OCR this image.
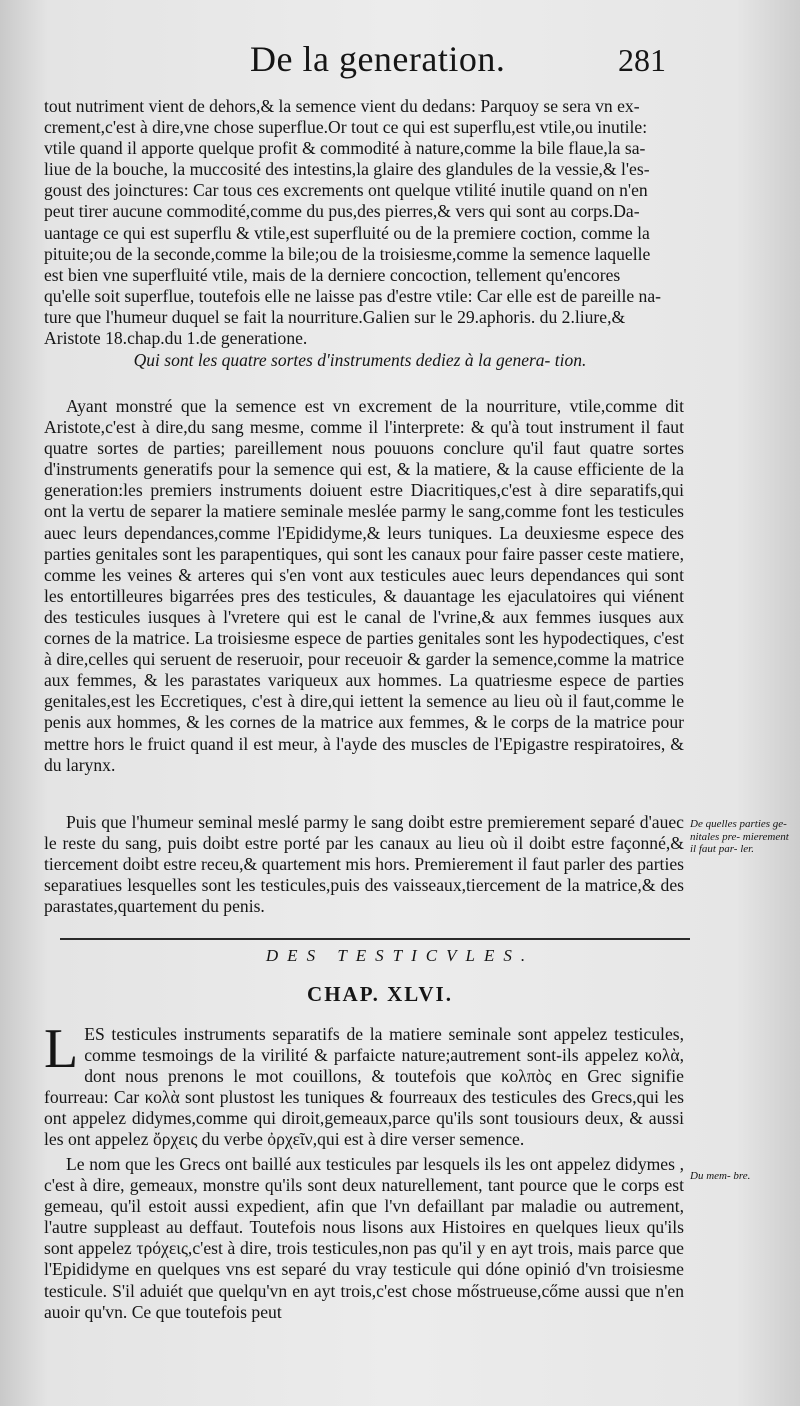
De la generation.	281

tout nutriment vient de dehors,& la semence vient du dedans: Parquoy se sera vn ex-

crement,c'est à dire,vne chose superflue.Or tout ce qui est superflu,est vtile,ou inutile:

vtile quand il apporte quelque profit & commodité à nature,comme la bile flaue,la sa-

liue de la bouche, la muccosité des intestins,la glaire des glandules de la vessie,& l'es-

goust des joinctures: Car tous ces excrements ont quelque vtilité inutile quand on n'en

peut tirer aucune commodité,comme du pus,des pierres,& vers qui sont au corps.Da-

uantage ce qui est superflu & vtile,est superfluité ou de la premiere coction, comme la

pituite;ou de la seconde,comme la bile;ou de la troisiesme,comme la semence laquelle

est bien vne superfluité vtile, mais de la derniere concoction, tellement qu'encores

qu'elle soit superflue, toutefois elle ne laisse pas d'estre vtile: Car elle est de pareille na-

ture que l'humeur duquel se fait la nourriture.Galien sur le 29.aphoris. du 2.liure,&

Aristote 18.chap.du 1.de generatione.

Qui sont les quatre sortes d'instruments dediez à la genera- tion.
Ayant monstré que la semence est vn excrement de la nourriture, vtile,comme dit Aristote,c'est à dire,du sang mesme, comme il l'interprete: & qu'à tout instrument il faut quatre sortes de parties; pareillement nous pouuons conclure qu'il faut quatre sortes d'instruments generatifs pour la semence qui est, & la matiere, & la cause efficiente de la generation:les premiers instruments doiuent estre Diacritiques,c'est à dire separatifs,qui ont la vertu de separer la matiere seminale meslée parmy le sang,comme font les testicules auec leurs dependances,comme l'Epididyme,& leurs tuniques. La deuxiesme espece des parties genitales sont les parapentiques, qui sont les canaux pour faire passer ceste matiere, comme les veines & arteres qui s'en vont aux testicules auec leurs dependances qui sont les entortilleures bigarrées pres des testicules, & dauantage les ejaculatoires qui viénent des testicules iusques à l'vretere qui est le canal de l'vrine,& aux femmes iusques aux cornes de la matrice. La troisiesme espece de parties genitales sont les hypodectiques, c'est à dire,celles qui seruent de reseruoir, pour receuoir & garder la semence,comme la matrice aux femmes, & les parastates variqueux aux hommes. La quatriesme espece de parties genitales,est les Eccretiques, c'est à dire,qui iettent la semence au lieu où il faut,comme le penis aux hommes, & les cornes de la matrice aux femmes, & le corps de la matrice pour mettre hors le fruict quand il est meur, à l'ayde des muscles de l'Epigastre respiratoires, & du larynx.
Puis que l'humeur seminal meslé parmy le sang doibt estre premierement separé d'auec le reste du sang, puis doibt estre porté par les canaux au lieu où il doibt estre façonné,& tiercement doibt estre receu,& quartement mis hors. Premierement il faut parler des parties separatiues lesquelles sont les testicules,puis des vaisseaux,tiercement de la matrice,& des parastates,quartement du penis.
De quelles parties ge- nitales pre- mierement il faut par- ler.
DES TESTICVLES.
CHAP. XLVI.
L ES testicules instruments separatifs de la matiere seminale sont appelez testicules, comme tesmoings de la virilité & parfaicte nature;autrement sont-ils appelez κολὰ, dont nous prenons le mot couillons, & toutefois que κολπὸς en Grec signifie fourreau: Car κολὰ sont plustost les tuniques & fourreaux des testicules des Grecs,qui les ont appelez didymes,comme qui diroit,gemeaux,parce qu'ils sont tousiours deux, & aussi les ont appelez ὄρχεις du verbe ὀρχεῖν,qui est à dire verser semence.
Le nom que les Grecs ont baillé aux testicules par lesquels ils les ont appelez didymes , c'est à dire, gemeaux, monstre qu'ils sont deux naturellement, tant pource que le corps est gemeau, qu'il estoit aussi expedient, afin que l'vn defaillant par maladie ou autrement, l'autre suppleast au deffaut. Toutefois nous lisons aux Histoires en quelques lieux qu'ils sont appelez τρόχεις,c'est à dire, trois testicules,non pas qu'il y en ayt trois, mais parce que l'Epididyme en quelques vns est separé du vray testicule qui dóne opinió d'vn troisiesme testicule. S'il aduiét que quelqu'vn en ayt trois,c'est chose mőstrueuse,cőme aussi que n'en auoir qu'vn. Ce que toutefois peut
Du mem- bre.
